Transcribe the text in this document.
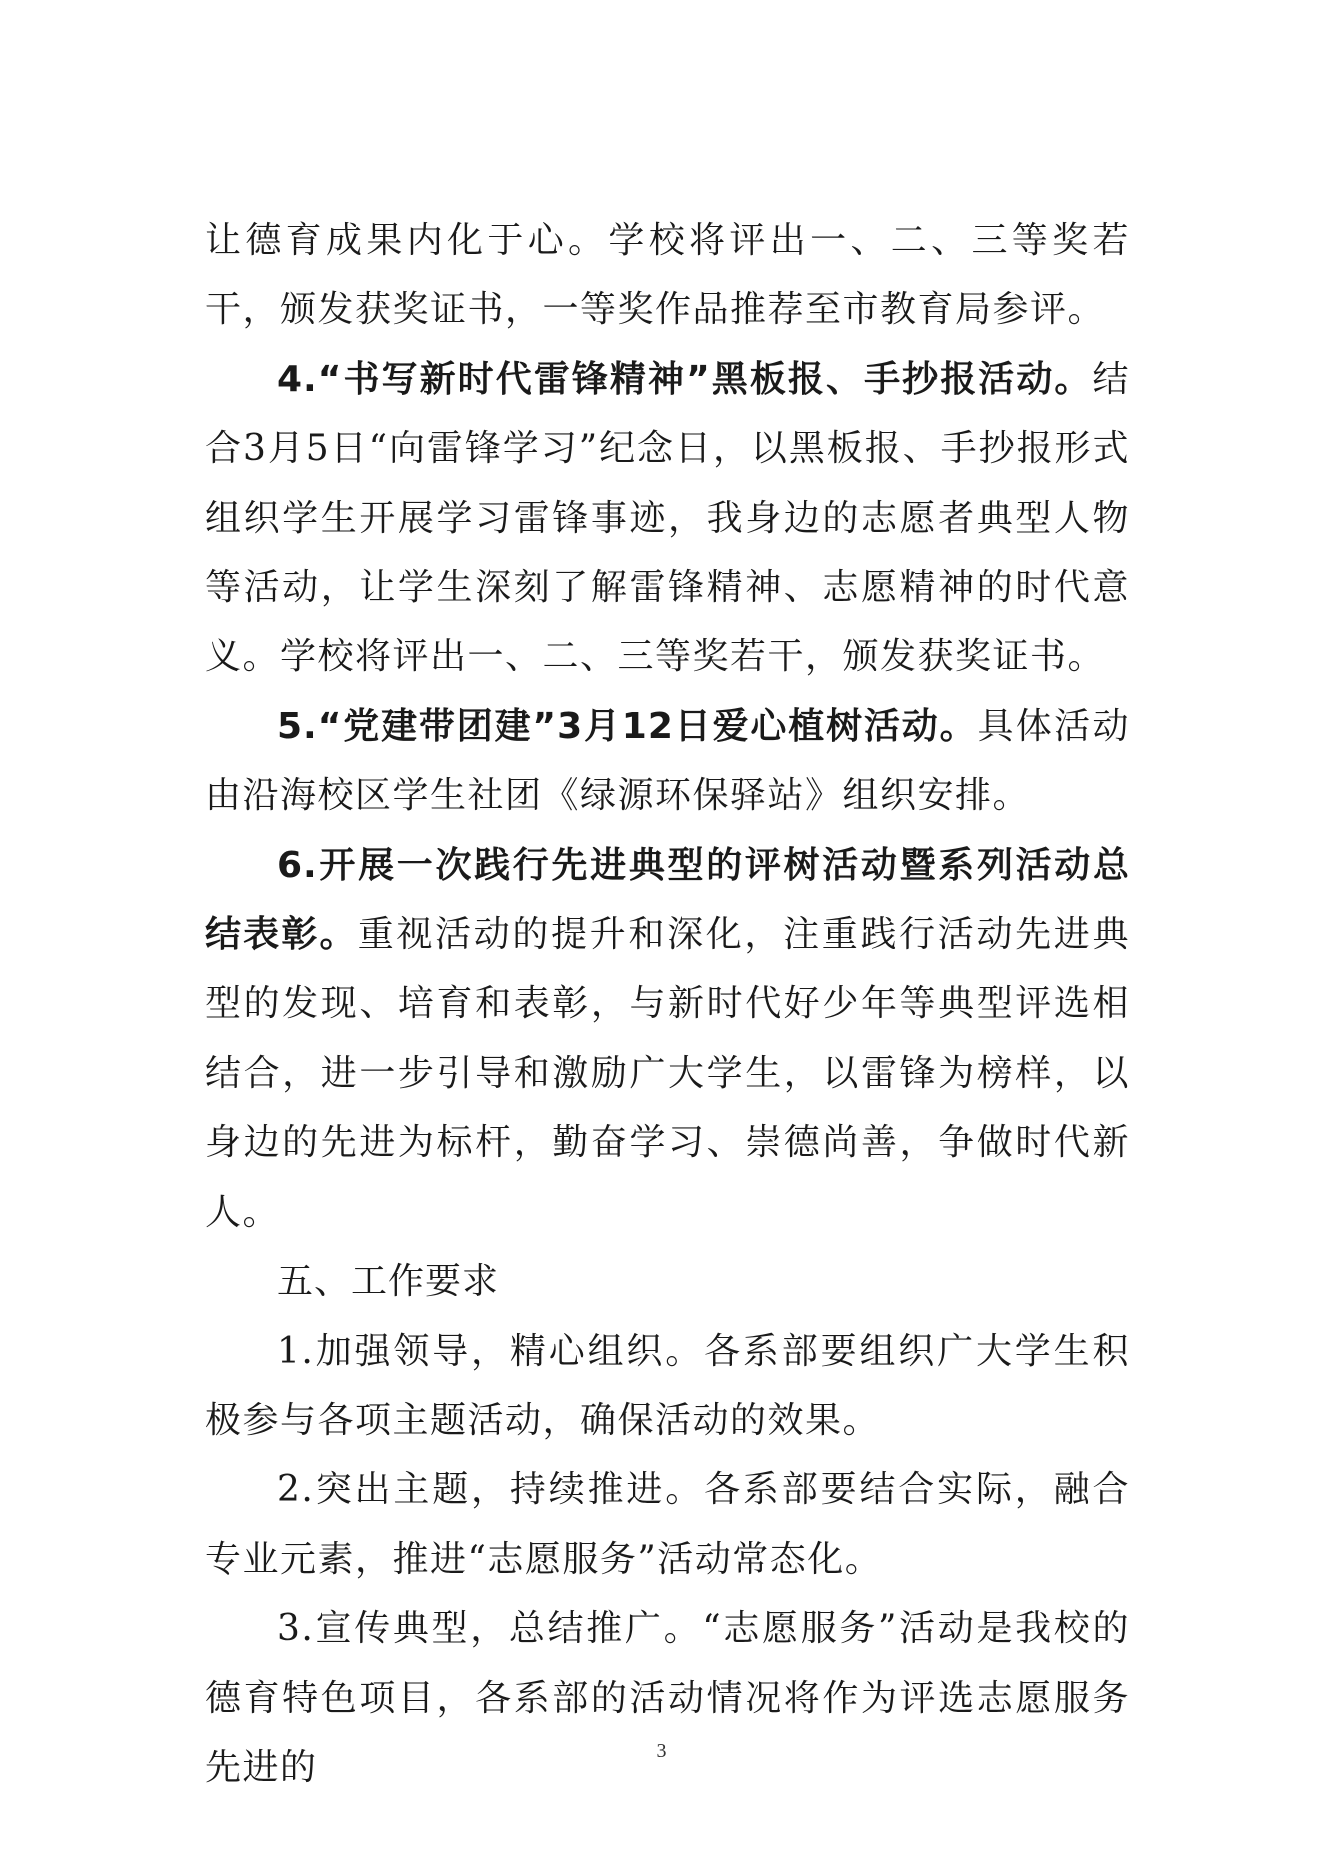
让德育成果内化于心。学校将评出一、二、三等奖若干，颁发获奖证书，一等奖作品推荐至市教育局参评。

4.“书写新时代雷锋精神”黑板报、手抄报活动。结合3月5日“向雷锋学习”纪念日，以黑板报、手抄报形式组织学生开展学习雷锋事迹，我身边的志愿者典型人物等活动，让学生深刻了解雷锋精神、志愿精神的时代意义。学校将评出一、二、三等奖若干，颁发获奖证书。

5.“党建带团建”3月12日爱心植树活动。具体活动由沿海校区学生社团《绿源环保驿站》组织安排。

6.开展一次践行先进典型的评树活动暨系列活动总结表彰。重视活动的提升和深化，注重践行活动先进典型的发现、培育和表彰，与新时代好少年等典型评选相结合，进一步引导和激励广大学生，以雷锋为榜样，以身边的先进为标杆，勤奋学习、崇德尚善，争做时代新人。

五、工作要求

1.加强领导，精心组织。各系部要组织广大学生积极参与各项主题活动，确保活动的效果。

2.突出主题，持续推进。各系部要结合实际，融合专业元素，推进“志愿服务”活动常态化。

3.宣传典型，总结推广。“志愿服务”活动是我校的德育特色项目，各系部的活动情况将作为评选志愿服务先进的	3
